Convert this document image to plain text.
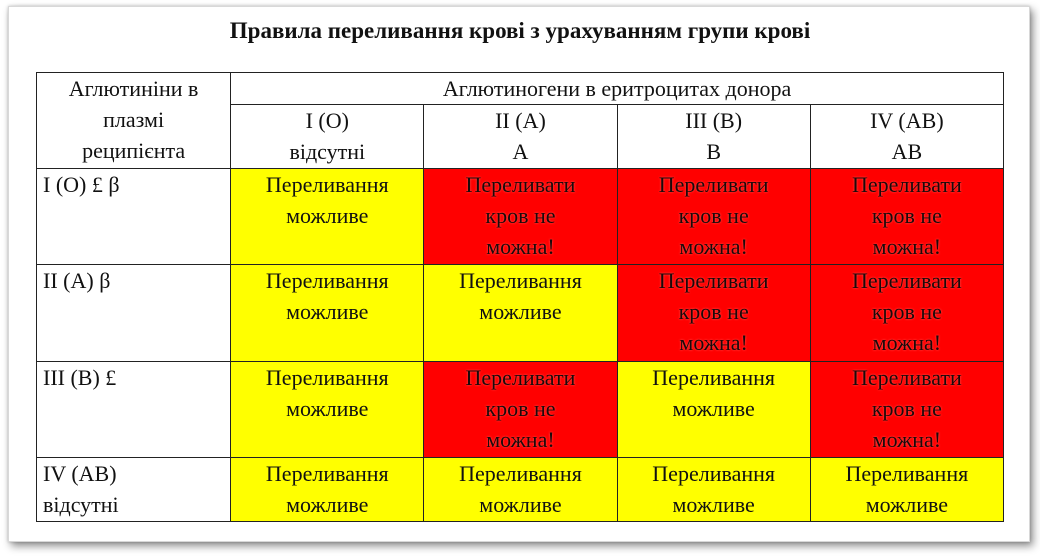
Правила переливання крові з урахуванням групи крові
Аглютиніни в
плазмі
реципієнта	Аглютиногени в еритроцитах донора			

	I (O)
відсутні	II (A)
A	III (B)
B	IV (AB)
AB

I (O) £ β	Переливання
можливе	Переливати
кров не
можна!	Переливати
кров не
можна!	Переливати
кров не
можна!

II (A) β	Переливання
можливе	Переливання
можливе	Переливати
кров не
можна!	Переливати
кров не
можна!

III (B) £	Переливання
можливе	Переливати
кров не
можна!	Переливання
можливе	Переливати
кров не
можна!

IV (AB)
відсутні	Переливання
можливе	Переливання
можливе	Переливання
можливе	Переливання
можливе
